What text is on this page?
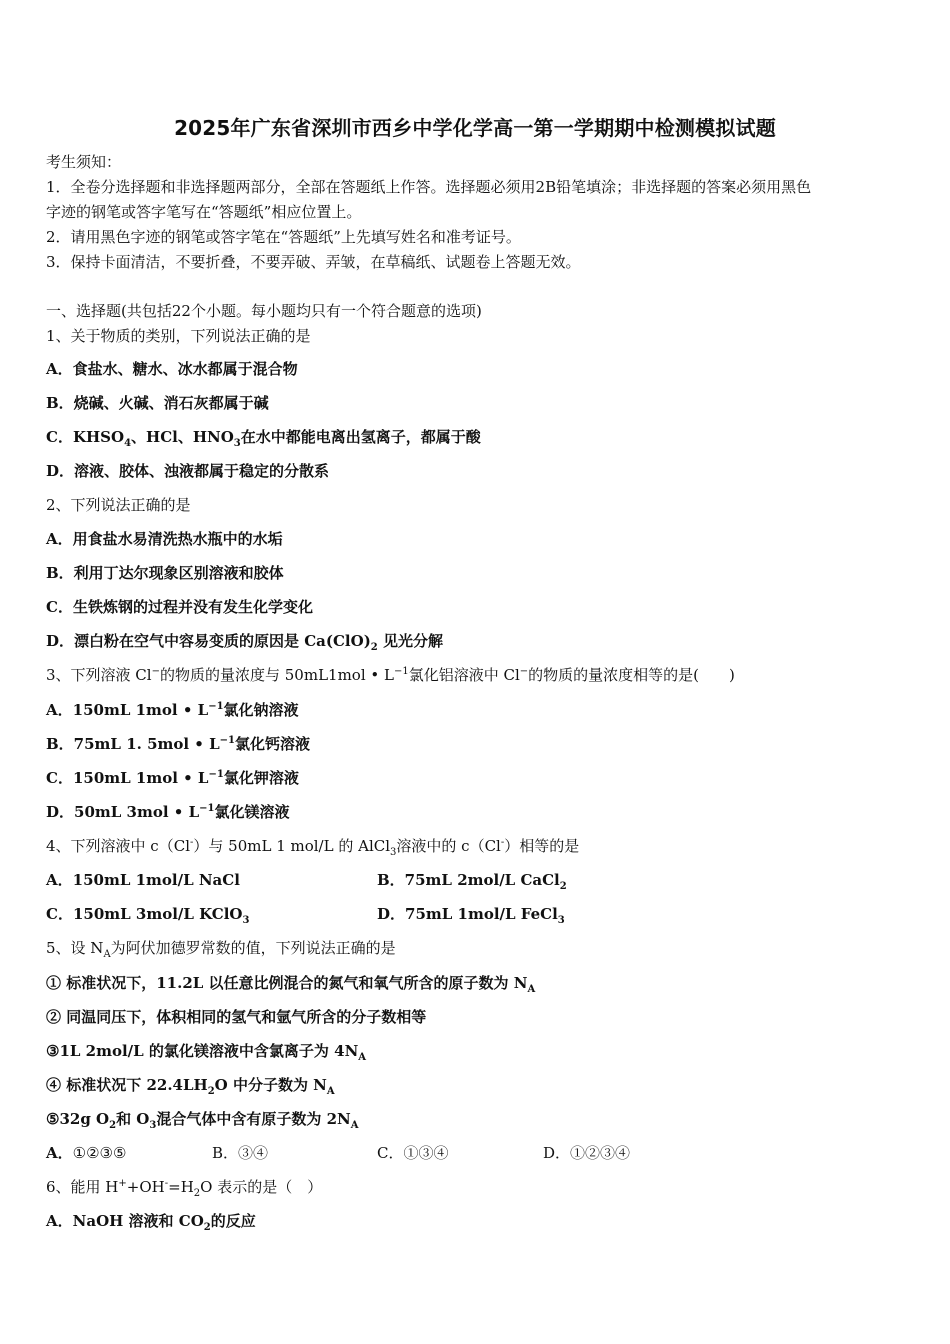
2025年广东省深圳市西乡中学化学高一第一学期期中检测模拟试题
考生须知：
1．全卷分选择题和非选择题两部分，全部在答题纸上作答。选择题必须用2B铅笔填涂；非选择题的答案必须用黑色
字迹的钢笔或答字笔写在“答题纸”相应位置上。
2．请用黑色字迹的钢笔或答字笔在“答题纸”上先填写姓名和准考证号。
3．保持卡面清洁，不要折叠，不要弄破、弄皱，在草稿纸、试题卷上答题无效。
一、选择题(共包括22个小题。每小题均只有一个符合题意的选项)
1、关于物质的类别，下列说法正确的是
A．食盐水、糖水、冰水都属于混合物
B．烧碱、火碱、消石灰都属于碱
C．$KHSO_4$、HCl、$HNO_3$在水中都能电离出氢离子，都属于酸
D．溶液、胶体、浊液都属于稳定的分散系
2、下列说法正确的是
A．用食盐水易清洗热水瓶中的水垢
B．利用丁达尔现象区别溶液和胶体
C．生铁炼钢的过程并没有发生化学变化
D．漂白粉在空气中容易变质的原因是 $Ca(ClO)_2$ 见光分解
3、下列溶液 Cl−的物质的量浓度与 50mL1mol • $L^{-1}$氯化铝溶液中 Cl−的物质的量浓度相等的是(　　)
A．150mL 1mol • $L^{-1}$氯化钠溶液
B．75mL 1. 5mol • $L^{-1}$氯化钙溶液
C．150mL 1mol • $L^{-1}$氯化钾溶液
D．50mL 3mol • $L^{-1}$氯化镁溶液
4、下列溶液中 c（Cl-）与 50mL 1 mol/L 的 AlCl$_3$溶液中的 c（Cl-）相等的是
A．150mL 1mol/L NaCl	B．75mL 2mol/L CaCl$_2$
C．150mL 3mol/L KClO$_3$	D．75mL 1mol/L FeCl$_3$
5、设 $N_A$为阿伏加德罗常数的值，下列说法正确的是
① 标准状况下，11.2L 以任意比例混合的氮气和氧气所含的原子数为 $N_A$
② 同温同压下，体积相同的氢气和氩气所含的分子数相等
③1L 2mol/L 的氯化镁溶液中含氯离子为 $4N_A$
④ 标准状况下 $22.4LH_2O$ 中分子数为 $N_A$
⑤32g $O_2$和 $O_3$混合气体中含有原子数为 $2N_A$
A．①②③⑤	B．③④	C．①③④	D．①②③④
6、能用 $H^++OH^-=H_2O$ 表示的是（　）
A．NaOH 溶液和 $CO_2$的反应
